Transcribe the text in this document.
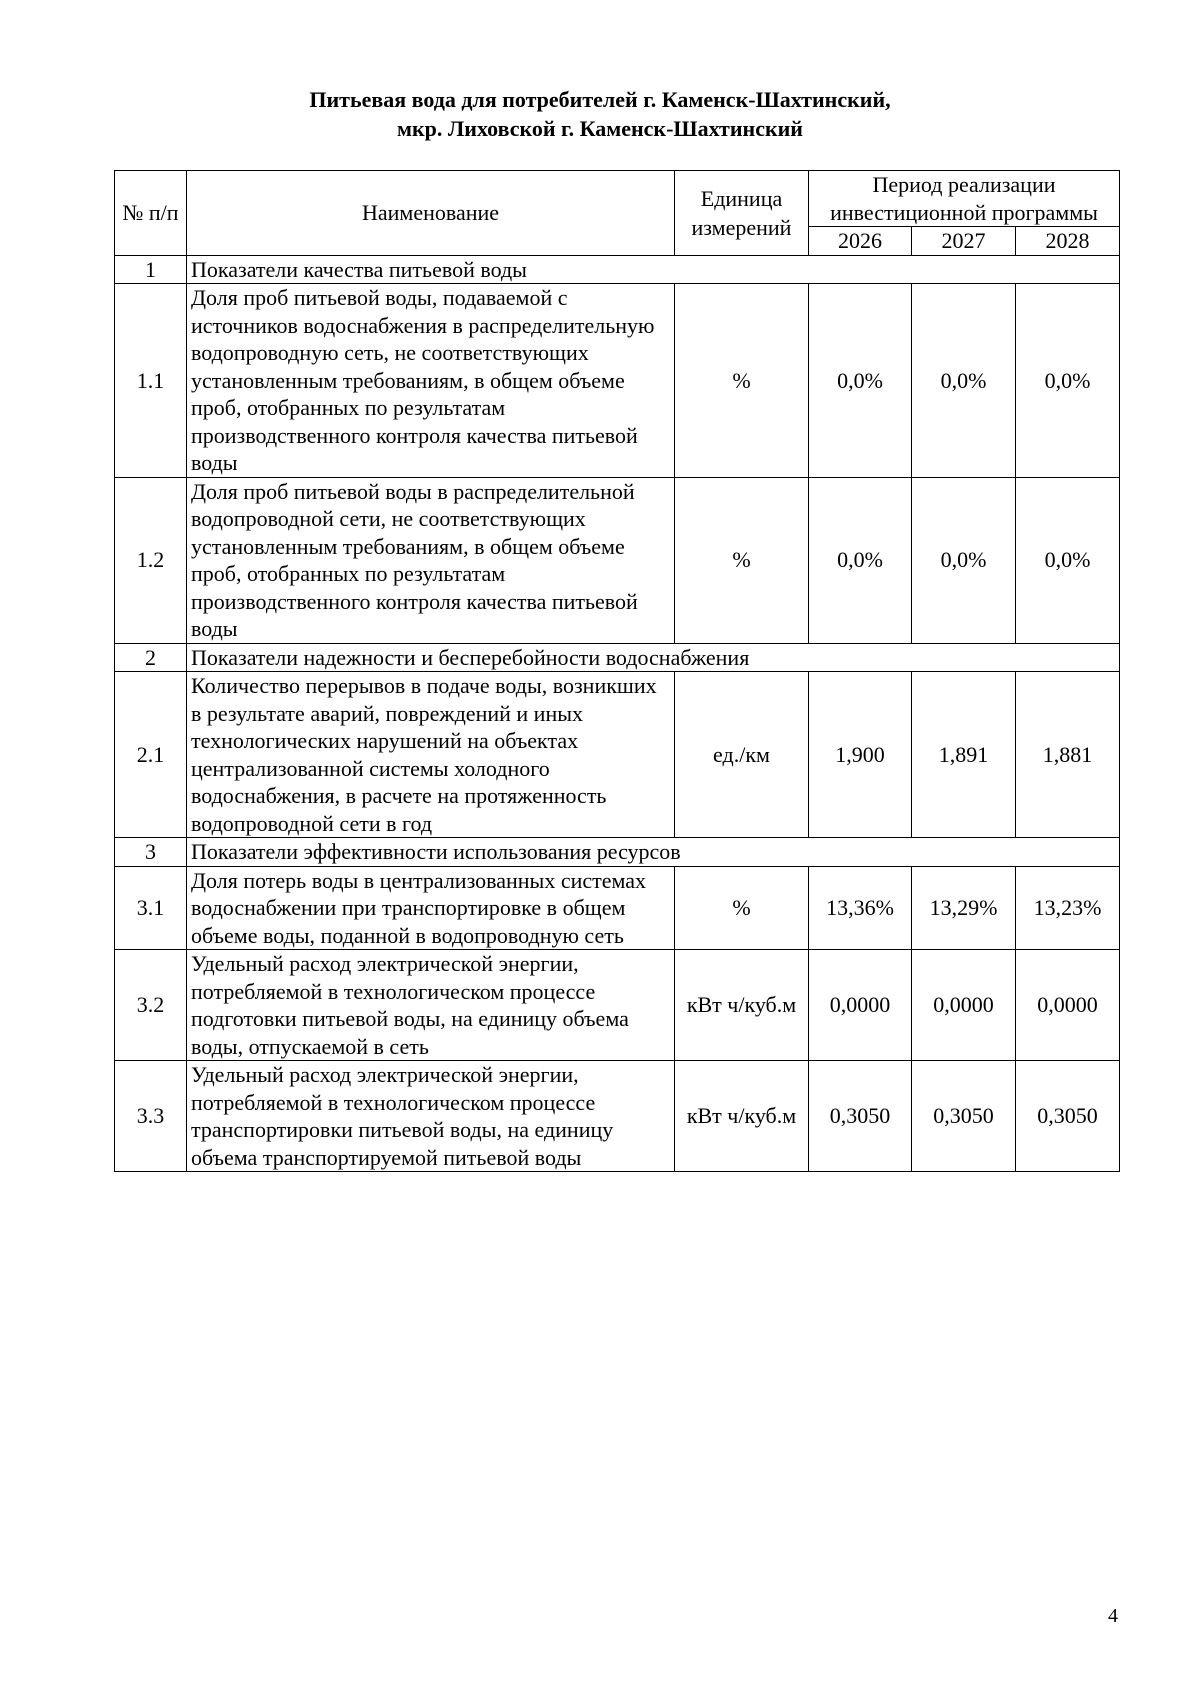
Питьевая вода для потребителей г. Каменск-Шахтинский,
мкр. Лиховской г. Каменск-Шахтинский
№ п/п	Наименование	Единица измерений	Период реализации инвестиционной программы		
			2026	2027	2028
1	Показатели качества питьевой воды				
1.1	Доля проб питьевой воды, подаваемой с источников водоснабжения в распределительную водопроводную сеть, не соответствующих установленным требованиям, в общем объеме проб, отобранных по результатам производственного контроля качества питьевой воды	%	0,0%	0,0%	0,0%
1.2	Доля проб питьевой воды в распределительной водопроводной сети, не соответствующих установленным требованиям, в общем объеме проб, отобранных по результатам производственного контроля качества питьевой воды	%	0,0%	0,0%	0,0%
2	Показатели надежности и бесперебойности водоснабжения				
2.1	Количество перерывов в подаче воды, возникших в результате аварий, повреждений и иных технологических нарушений на объектах централизованной системы холодного водоснабжения, в расчете на протяженность водопроводной сети в год	ед./км	1,900	1,891	1,881
3	Показатели эффективности использования ресурсов				
3.1	Доля потерь воды в централизованных системах водоснабжении при транспортировке в общем объеме воды, поданной в водопроводную сеть	%	13,36%	13,29%	13,23%
3.2	Удельный расход электрической энергии, потребляемой в технологическом процессе подготовки питьевой воды, на единицу объема воды, отпускаемой в сеть	кВт ч/куб.м	0,0000	0,0000	0,0000
3.3	Удельный расход электрической энергии, потребляемой в технологическом процессе транспортировки питьевой воды, на единицу объема транспортируемой питьевой воды	кВт ч/куб.м	0,3050	0,3050	0,3050
4
